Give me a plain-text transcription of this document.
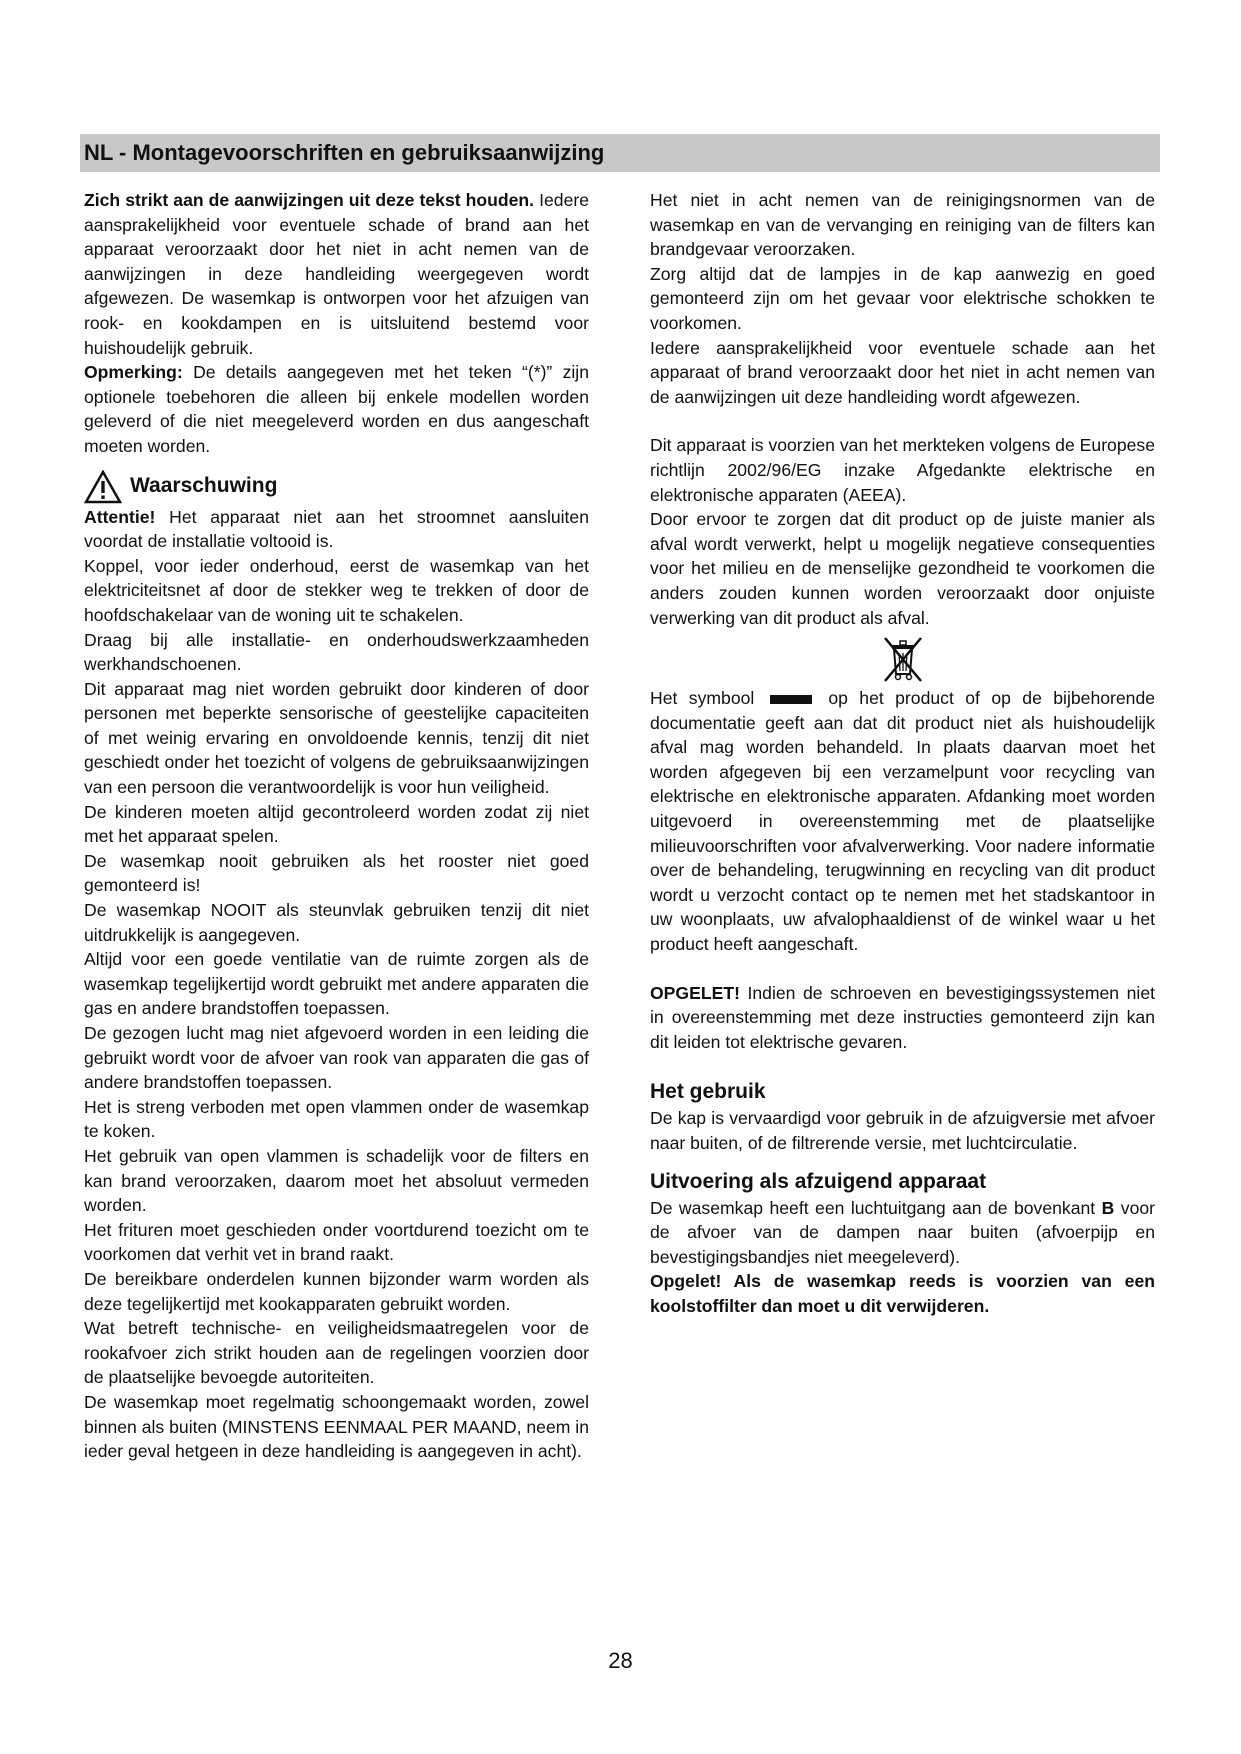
NL - Montagevoorschriften en gebruiksaanwijzing

Zich strikt aan de aanwijzingen uit deze tekst houden. Iedere aansprakelijkheid voor eventuele schade of brand aan het apparaat veroorzaakt door het niet in acht nemen van de aanwijzingen in deze handleiding weergegeven wordt afgewezen. De wasemkap is ontworpen voor het afzuigen van rook- en kookdampen en is uitsluitend bestemd voor huishoudelijk gebruik.

Opmerking: De details aangegeven met het teken “(*)” zijn optionele toebehoren die alleen bij enkele modellen worden geleverd of die niet meegeleverd worden en dus aangeschaft moeten worden.

Waarschuwing

Attentie! Het apparaat niet aan het stroomnet aansluiten voordat de installatie voltooid is.

Koppel, voor ieder onderhoud, eerst de wasemkap van het elektriciteitsnet af door de stekker weg te trekken of door de hoofdschakelaar van de woning uit te schakelen.

Draag bij alle installatie- en onderhoudswerkzaamheden werkhandschoenen.

Dit apparaat mag niet worden gebruikt door kinderen of door personen met beperkte sensorische of geestelijke capaciteiten of met weinig ervaring en onvoldoende kennis, tenzij dit niet geschiedt onder het toezicht of volgens de gebruiksaanwijzingen van een persoon die verantwoordelijk is voor hun veiligheid.

De kinderen moeten altijd gecontroleerd worden zodat zij niet met het apparaat spelen.

De wasemkap nooit gebruiken als het rooster niet goed gemonteerd is!

De wasemkap NOOIT als steunvlak gebruiken tenzij dit niet uitdrukkelijk is aangegeven.

Altijd voor een goede ventilatie van de ruimte zorgen als de wasemkap tegelijkertijd wordt gebruikt met andere apparaten die gas en andere brandstoffen toepassen.

De gezogen lucht mag niet afgevoerd worden in een leiding die gebruikt wordt voor de afvoer van rook van apparaten die gas of andere brandstoffen toepassen.

Het is streng verboden met open vlammen onder de wasemkap te koken.

Het gebruik van open vlammen is schadelijk voor de filters en kan brand veroorzaken, daarom moet het absoluut vermeden worden.

Het frituren moet geschieden onder voortdurend toezicht om te voorkomen dat verhit vet in brand raakt.

De bereikbare onderdelen kunnen bijzonder warm worden als deze tegelijkertijd met kookapparaten gebruikt worden.

Wat betreft technische- en veiligheidsmaatregelen voor de rookafvoer zich strikt houden aan de regelingen voorzien door de plaatselijke bevoegde autoriteiten.

De wasemkap moet regelmatig schoongemaakt worden, zowel binnen als buiten (MINSTENS EENMAAL PER MAAND, neem in ieder geval hetgeen in deze handleiding is aangegeven in acht).

Het niet in acht nemen van de reinigingsnormen van de wasemkap en van de vervanging en reiniging van de filters kan brandgevaar veroorzaken.

Zorg altijd dat de lampjes in de kap aanwezig en goed gemonteerd zijn om het gevaar voor elektrische schokken te voorkomen.

Iedere aansprakelijkheid voor eventuele schade aan het apparaat of brand veroorzaakt door het niet in acht nemen van de aanwijzingen uit deze handleiding wordt afgewezen.

Dit apparaat is voorzien van het merkteken volgens de Europese richtlijn 2002/96/EG inzake Afgedankte elektrische en elektronische apparaten (AEEA).

Door ervoor te zorgen dat dit product op de juiste manier als afval wordt verwerkt, helpt u mogelijk negatieve consequenties voor het milieu en de menselijke gezondheid te voorkomen die anders zouden kunnen worden veroorzaakt door onjuiste verwerking van dit product als afval.

Het symbool	op het product of op de bijbehorende documentatie geeft aan dat dit product niet als huishoudelijk afval mag worden behandeld. In plaats daarvan moet het worden afgegeven bij een verzamelpunt voor recycling van elektrische en elektronische apparaten. Afdanking moet worden uitgevoerd in overeenstemming met de plaatselijke milieuvoorschriften voor afvalverwerking. Voor nadere informatie over de behandeling, terugwinning en recycling van dit product wordt u verzocht contact op te nemen met het stadskantoor in uw woonplaats, uw afvalophaaldienst of de winkel waar u het product heeft aangeschaft.

OPGELET! Indien de schroeven en bevestigingssystemen niet in overeenstemming met deze instructies gemonteerd zijn kan dit leiden tot elektrische gevaren.

Het gebruik

De kap is vervaardigd voor gebruik in de afzuigversie met afvoer naar buiten, of de filtrerende versie, met luchtcirculatie.

Uitvoering als afzuigend apparaat

De wasemkap heeft een luchtuitgang aan de bovenkant B voor de afvoer van de dampen naar buiten (afvoerpijp en bevestigingsbandjes niet meegeleverd).

Opgelet! Als de wasemkap reeds is voorzien van een koolstoffilter dan moet u dit verwijderen.

28
